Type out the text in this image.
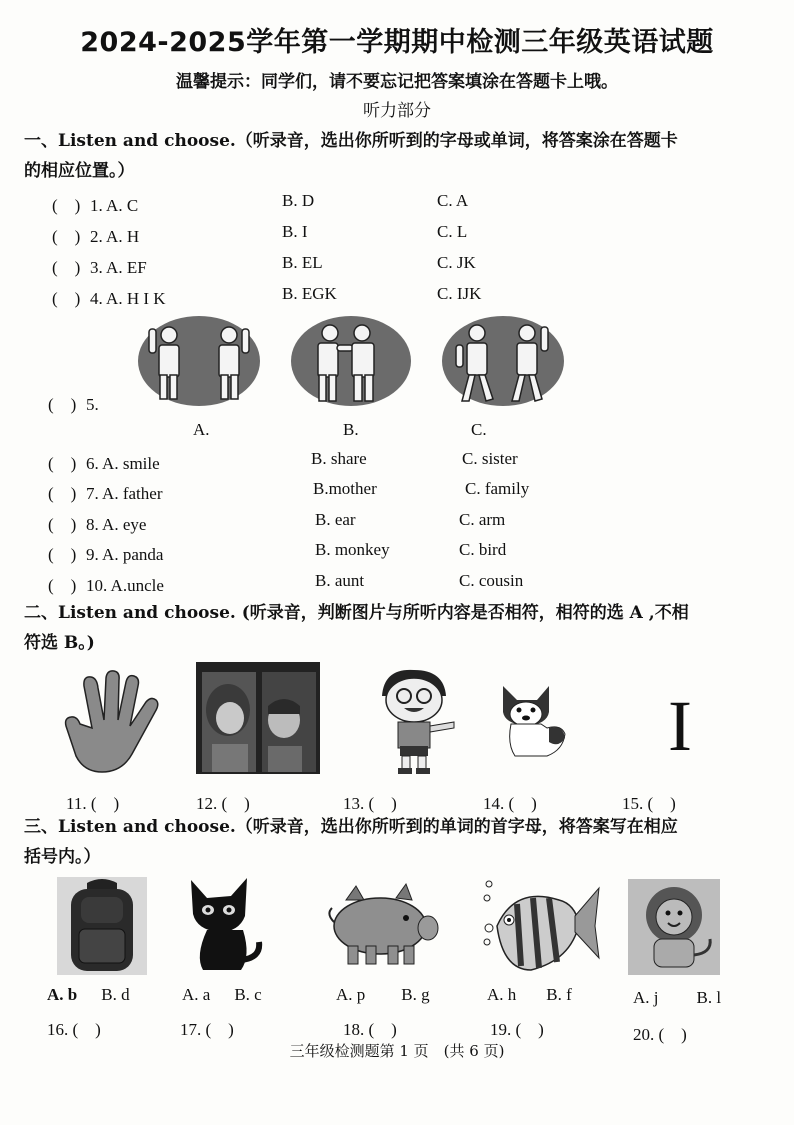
2024-2025学年第一学期期中检测三年级英语试题
温馨提示：同学们，请不要忘记把答案填涂在答题卡上哦。
听力部分
一、Listen and choose.（听录音，选出你所听到的字母或单词，将答案涂在答题卡
的相应位置。）
(　) 1. A. C	B. D	C. A
(　) 2. A. H	B. I	C. L
(　) 3. A. EF	B. EL	C. JK
(　) 4. A. H I K	B. EGK	C. IJK
(　) 5.
A.	B.	C.
(　) 6. A. smile	B. share	C. sister
(　) 7. A. father	B.mother	C. family
(　) 8. A. eye	B. ear	C. arm
(　) 9. A. panda	B. monkey	C. bird
(　) 10. A.uncle	B. aunt	C. cousin
二、Listen and choose. (听录音，判断图片与所听内容是否相符，相符的选 A ,不相
符选 B。)
I
11. (　)	12. (　)	13. (　)	14. (　)	15. (　)
三、Listen and choose.（听录音，选出你所听到的单词的首字母，将答案写在相应
括号内。）
A. b B. d	A. a B. c	A. p B. g	A. h B. f	A. j B. l
16. (　)	17. (　)	18. (　)	19. (　)	20. (　)
三年级检测题第 1 页　(共 6 页)
